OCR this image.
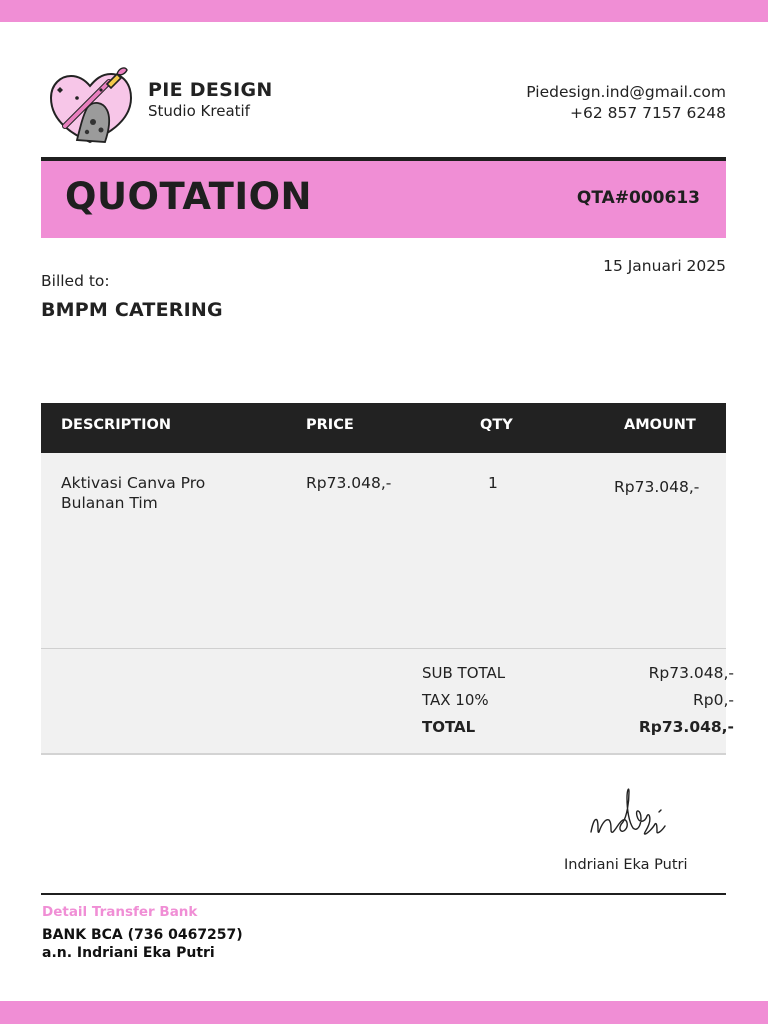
PIE DESIGN
Studio Kreatif
Piedesign.ind@gmail.com
+62 857 7157 6248
QUOTATION	QTA#000613
15 Januari 2025
Billed to:
BMPM CATERING
DESCRIPTION	PRICE	QTY	AMOUNT
Aktivasi Canva Pro
Bulanan Tim
Rp73.048,-	1	Rp73.048,-
SUB TOTAL	Rp73.048,-
TAX 10%	Rp0,-
TOTAL	Rp73.048,-
Indriani Eka Putri
Detail Transfer Bank
BANK BCA (736 0467257)
a.n. Indriani Eka Putri
